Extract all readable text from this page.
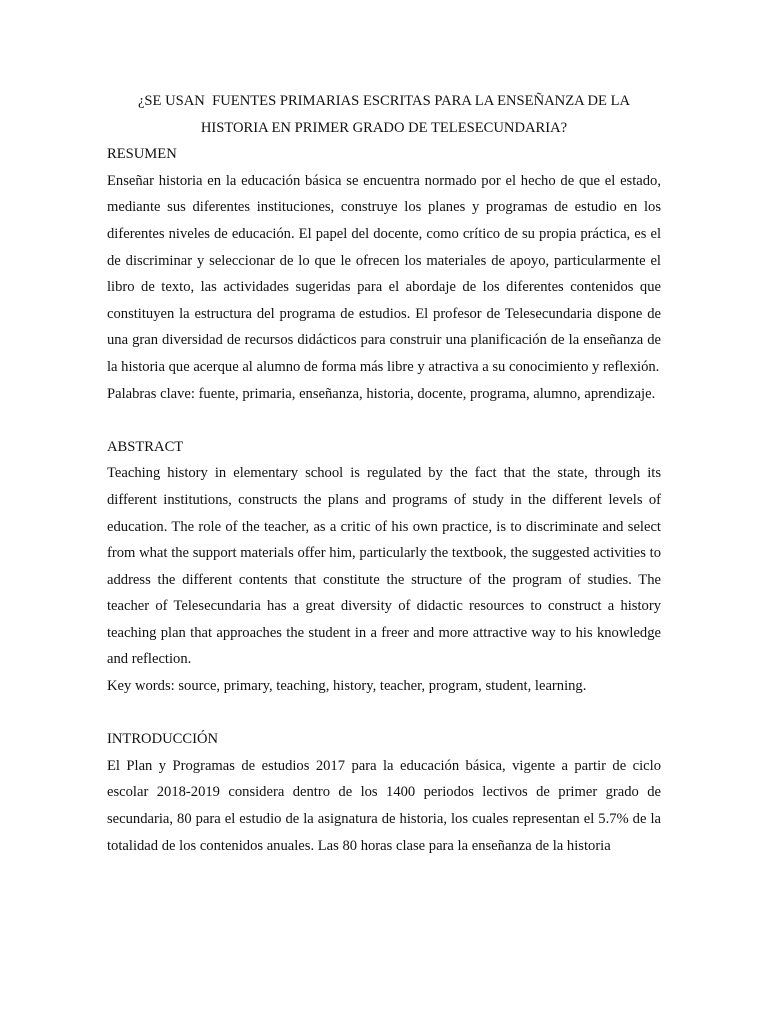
¿SE USAN  FUENTES PRIMARIAS ESCRITAS PARA LA ENSEÑANZA DE LA

HISTORIA EN PRIMER GRADO DE TELESECUNDARIA?

RESUMEN

Enseñar historia en la educación básica se encuentra normado por el hecho de que el estado, mediante sus diferentes instituciones, construye los planes y programas de estudio en los diferentes niveles de educación. El papel del docente, como crítico de su propia práctica, es el de discriminar y seleccionar de lo que le ofrecen los materiales de apoyo, particularmente el libro de texto, las actividades sugeridas para el abordaje de los diferentes contenidos que constituyen la estructura del programa de estudios. El profesor de Telesecundaria dispone de una gran diversidad de recursos didácticos para construir una planificación de la enseñanza de la historia que acerque al alumno de forma más libre y atractiva a su conocimiento y reflexión.

Palabras clave: fuente, primaria, enseñanza, historia, docente, programa, alumno, aprendizaje.

ABSTRACT

Teaching history in elementary school is regulated by the fact that the state, through its different institutions, constructs the plans and programs of study in the different levels of education. The role of the teacher, as a critic of his own practice, is to discriminate and select from what the support materials offer him, particularly the textbook, the suggested activities to address the different contents that constitute the structure of the program of studies. The teacher of Telesecundaria has a great diversity of didactic resources to construct a history teaching plan that approaches the student in a freer and more attractive way to his knowledge and reflection.

Key words: source, primary, teaching, history, teacher, program, student, learning.

INTRODUCCIÓN

El Plan y Programas de estudios 2017 para la educación básica, vigente a partir de ciclo escolar 2018-2019 considera dentro de los 1400 periodos lectivos de primer grado de secundaria, 80 para el estudio de la asignatura de historia, los cuales representan el 5.7% de la totalidad de los contenidos anuales. Las 80 horas clase para la enseñanza de la historia
